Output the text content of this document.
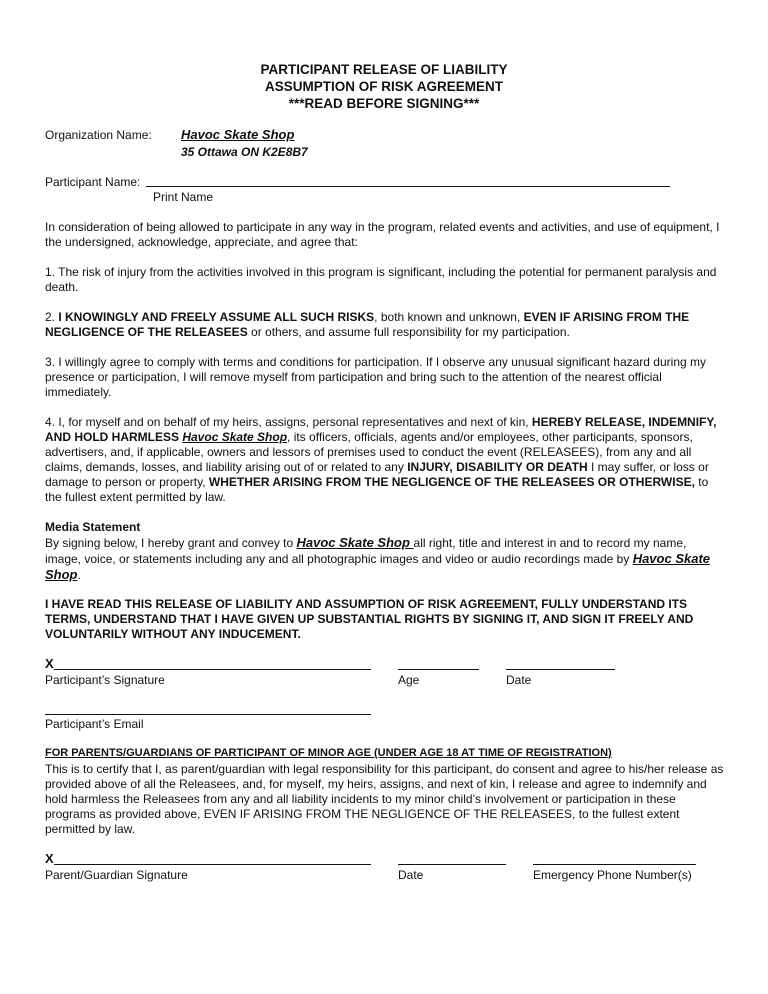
PARTICIPANT RELEASE OF LIABILITY
ASSUMPTION OF RISK AGREEMENT
***READ BEFORE SIGNING***
Organization Name: Havoc Skate Shop
35 Ottawa ON K2E8B7
Participant Name:
Print Name
In consideration of being allowed to participate in any way in the program, related events and activities, and use of equipment, I the undersigned, acknowledge, appreciate, and agree that:
1. The risk of injury from the activities involved in this program is significant, including the potential for permanent paralysis and death.
2. I KNOWINGLY AND FREELY ASSUME ALL SUCH RISKS, both known and unknown, EVEN IF ARISING FROM THE NEGLIGENCE OF THE RELEASEES or others, and assume full responsibility for my participation.
3. I willingly agree to comply with terms and conditions for participation. If I observe any unusual significant hazard during my presence or participation, I will remove myself from participation and bring such to the attention of the nearest official immediately.
4. I, for myself and on behalf of my heirs, assigns, personal representatives and next of kin, HEREBY RELEASE, INDEMNIFY, AND HOLD HARMLESS Havoc Skate Shop, its officers, officials, agents and/or employees, other participants, sponsors, advertisers, and, if applicable, owners and lessors of premises used to conduct the event (RELEASEES), from any and all claims, demands, losses, and liability arising out of or related to any INJURY, DISABILITY OR DEATH I may suffer, or loss or damage to person or property, WHETHER ARISING FROM THE NEGLIGENCE OF THE RELEASEES OR OTHERWISE, to the fullest extent permitted by law.
Media Statement
By signing below, I hereby grant and convey to Havoc Skate Shop all right, title and interest in and to record my name, image, voice, or statements including any and all photographic images and video or audio recordings made by Havoc Skate Shop.
I HAVE READ THIS RELEASE OF LIABILITY AND ASSUMPTION OF RISK AGREEMENT, FULLY UNDERSTAND ITS TERMS, UNDERSTAND THAT I HAVE GIVEN UP SUBSTANTIAL RIGHTS BY SIGNING IT, AND SIGN IT FREELY AND VOLUNTARILY WITHOUT ANY INDUCEMENT.
X
Participant’s Signature	Age	Date
Participant’s Email
FOR PARENTS/GUARDIANS OF PARTICIPANT OF MINOR AGE (UNDER AGE 18 AT TIME OF REGISTRATION)
This is to certify that I, as parent/guardian with legal responsibility for this participant, do consent and agree to his/her release as provided above of all the Releasees, and, for myself, my heirs, assigns, and next of kin, I release and agree to indemnify and hold harmless the Releasees from any and all liability incidents to my minor child’s involvement or participation in these programs as provided above, EVEN IF ARISING FROM THE NEGLIGENCE OF THE RELEASEES, to the fullest extent permitted by law.
X
Parent/Guardian Signature	Date	Emergency Phone Number(s)
